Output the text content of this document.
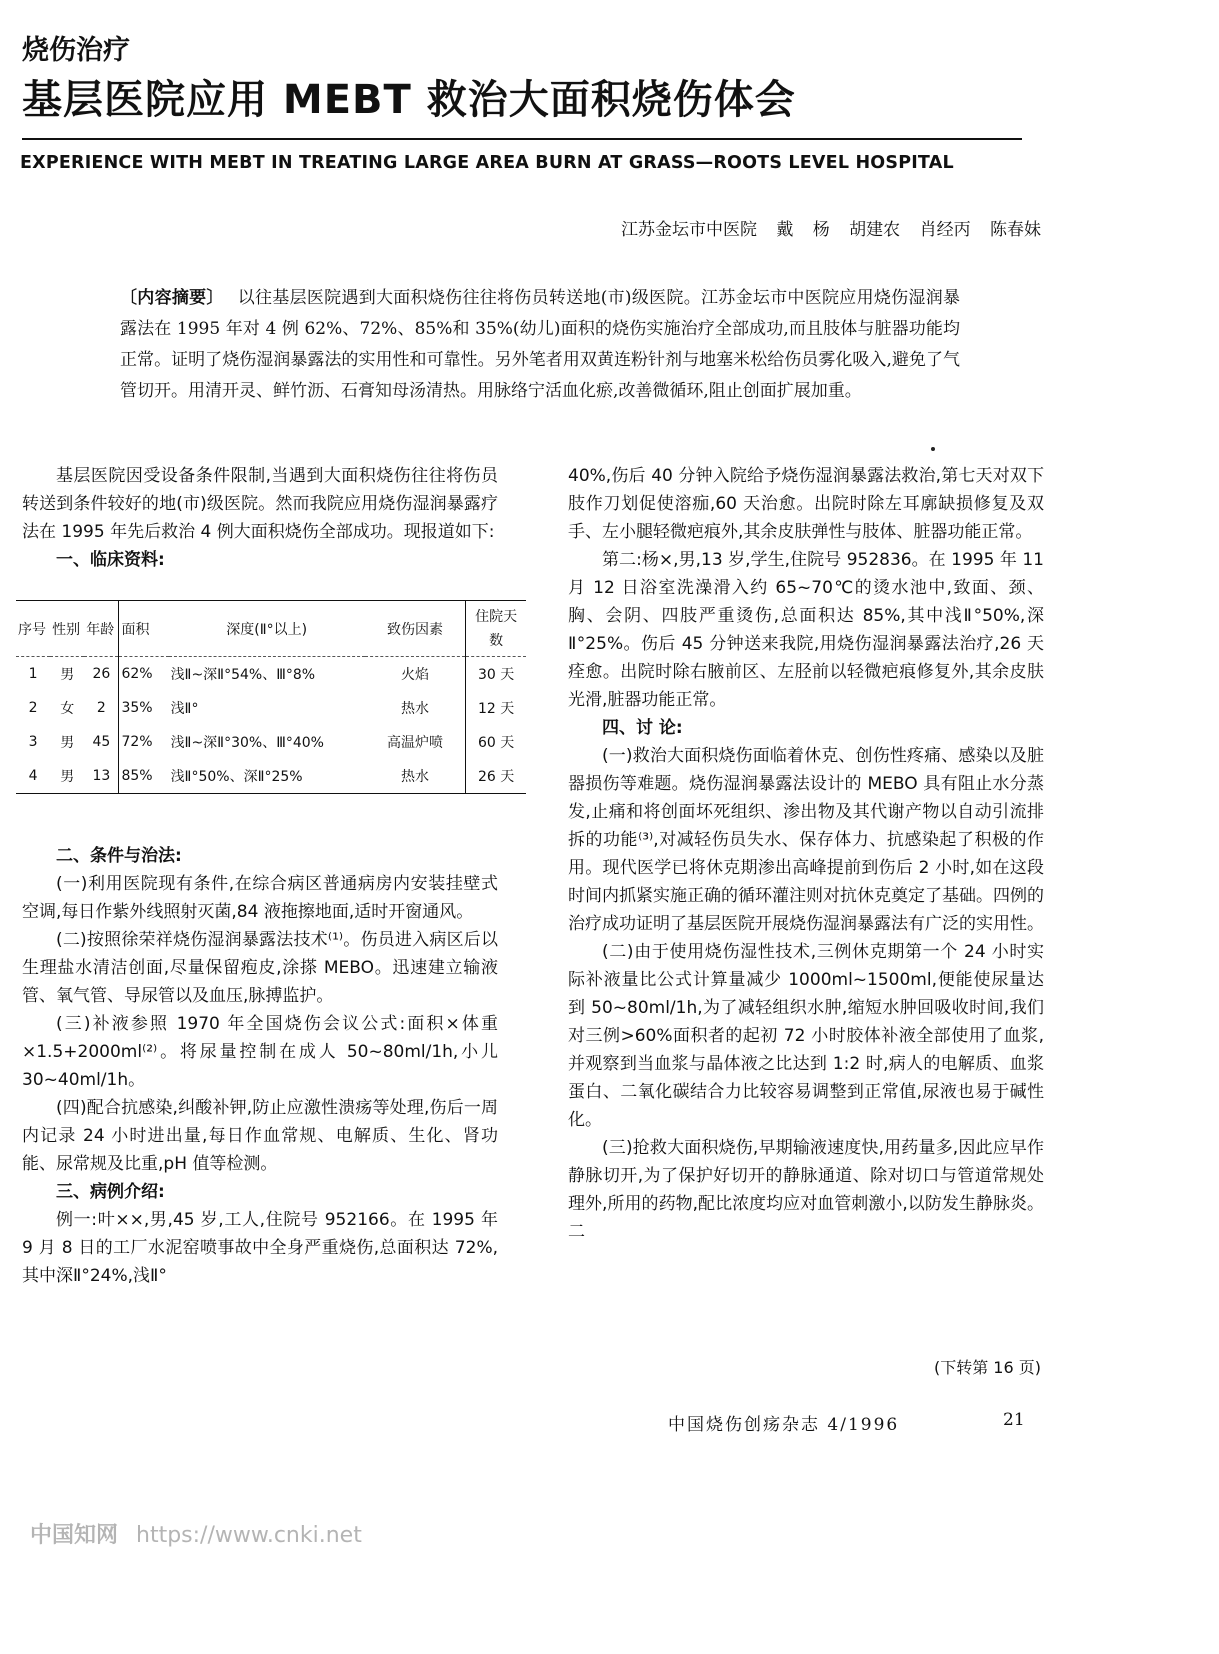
烧伤治疗
基层医院应用 MEBT 救治大面积烧伤体会
EXPERIENCE WITH MEBT IN TREATING LARGE AREA BURN AT GRASS—ROOTS LEVEL HOSPITAL
江苏金坛市中医院 戴 杨 胡建农 肖经丙 陈春妹
〔内容摘要〕 以往基层医院遇到大面积烧伤往往将伤员转送地(市)级医院。江苏金坛市中医院应用烧伤湿润暴露法在 1995 年对 4 例 62%、72%、85%和 35%(幼儿)面积的烧伤实施治疗全部成功,而且肢体与脏器功能均正常。证明了烧伤湿润暴露法的实用性和可靠性。另外笔者用双黄连粉针剂与地塞米松给伤员雾化吸入,避免了气管切开。用清开灵、鲜竹沥、石膏知母汤清热。用脉络宁活血化瘀,改善微循环,阻止创面扩展加重。

基层医院因受设备条件限制,当遇到大面积烧伤往往将伤员转送到条件较好的地(市)级医院。然而我院应用烧伤湿润暴露疗法在 1995 年先后救治 4 例大面积烧伤全部成功。现报道如下:

一、临床资料:

序号	性别	年龄	面积	深度(Ⅱ°以上)	致伤因素	住院天数
1	男	26	62%	浅Ⅱ~深Ⅱ°54%、Ⅲ°8%	火焰	30 天
2	女	2	35%	浅Ⅱ°	热水	12 天
3	男	45	72%	浅Ⅱ~深Ⅱ°30%、Ⅲ°40%	高温炉喷	60 天
4	男	13	85%	浅Ⅱ°50%、深Ⅱ°25%	热水	26 天

二、条件与治法:

(一)利用医院现有条件,在综合病区普通病房内安装挂壁式空调,每日作紫外线照射灭菌,84 液拖擦地面,适时开窗通风。

(二)按照徐荣祥烧伤湿润暴露法技术⁽¹⁾。伤员进入病区后以生理盐水清洁创面,尽量保留疱皮,涂搽 MEBO。迅速建立输液管、氧气管、导尿管以及血压,脉搏监护。

(三)补液参照 1970 年全国烧伤会议公式:面积×体重×1.5+2000ml⁽²⁾。将尿量控制在成人 50~80ml/1h,小儿 30~40ml/1h。

(四)配合抗感染,纠酸补钾,防止应激性溃疡等处理,伤后一周内记录 24 小时进出量,每日作血常规、电解质、生化、肾功能、尿常规及比重,pH 值等检测。

三、病例介绍:

例一:叶××,男,45 岁,工人,住院号 952166。在 1995 年 9 月 8 日的工厂水泥窑喷事故中全身严重烧伤,总面积达 72%,其中深Ⅱ°24%,浅Ⅱ°

40%,伤后 40 分钟入院给予烧伤湿润暴露法救治,第七天对双下肢作刀划促使溶痂,60 天治愈。出院时除左耳廓缺损修复及双手、左小腿轻微疤痕外,其余皮肤弹性与肢体、脏器功能正常。

第二:杨×,男,13 岁,学生,住院号 952836。在 1995 年 11 月 12 日浴室洗澡滑入约 65~70℃的烫水池中,致面、颈、胸、会阴、四肢严重烫伤,总面积达 85%,其中浅Ⅱ°50%,深Ⅱ°25%。伤后 45 分钟送来我院,用烧伤湿润暴露法治疗,26 天痊愈。出院时除右腋前区、左胫前以轻微疤痕修复外,其余皮肤光滑,脏器功能正常。

四、讨 论:

(一)救治大面积烧伤面临着休克、创伤性疼痛、感染以及脏器损伤等难题。烧伤湿润暴露法设计的 MEBO 具有阻止水分蒸发,止痛和将创面坏死组织、渗出物及其代谢产物以自动引流排拆的功能⁽³⁾,对减轻伤员失水、保存体力、抗感染起了积极的作用。现代医学已将休克期渗出高峰提前到伤后 2 小时,如在这段时间内抓紧实施正确的循环灌注则对抗休克奠定了基础。四例的治疗成功证明了基层医院开展烧伤湿润暴露法有广泛的实用性。

(二)由于使用烧伤湿性技术,三例休克期第一个 24 小时实际补液量比公式计算量减少 1000ml~1500ml,便能使尿量达到 50~80ml/1h,为了减轻组织水肿,缩短水肿回吸收时间,我们对三例>60%面积者的起初 72 小时胶体补液全部使用了血浆,并观察到当血浆与晶体液之比达到 1:2 时,病人的电解质、血浆蛋白、二氧化碳结合力比较容易调整到正常值,尿液也易于碱性化。

(三)抢救大面积烧伤,早期输液速度快,用药量多,因此应早作静脉切开,为了保护好切开的静脉通道、除对切口与管道常规处理外,所用的药物,配比浓度均应对血管刺激小,以防发生静脉炎。二

(下转第 16 页)
中国烧伤创疡杂志 4/1996	21
中国知网 https://www.cnki.net
